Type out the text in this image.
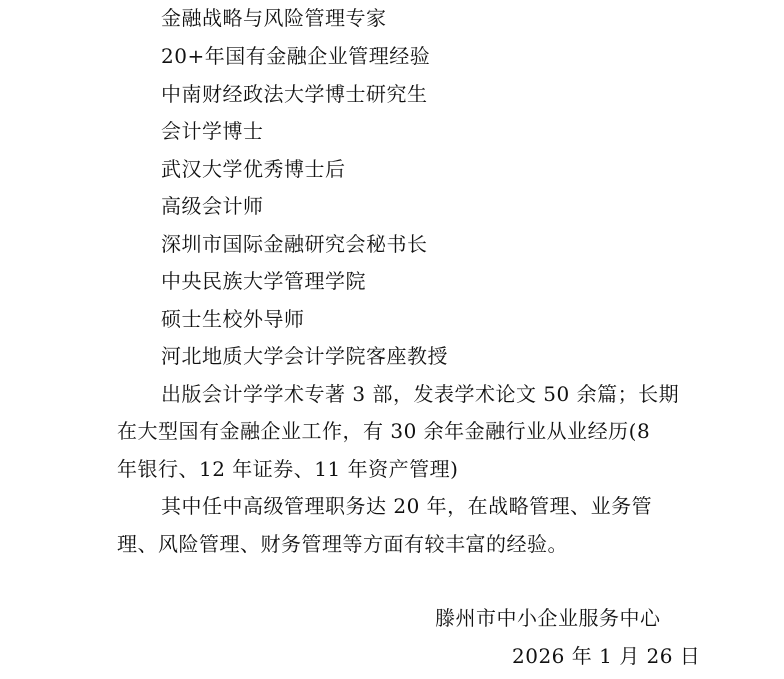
金融战略与风险管理专家
20+年国有金融企业管理经验
中南财经政法大学博士研究生
会计学博士
武汉大学优秀博士后
高级会计师
深圳市国际金融研究会秘书长
中央民族大学管理学院
硕士生校外导师
河北地质大学会计学院客座教授
出版会计学学术专著 3 部，发表学术论文 50 余篇；长期
在大型国有金融企业工作，有 30 余年金融行业从业经历(8
年银行、12 年证券、11 年资产管理)
其中任中高级管理职务达 20 年，在战略管理、业务管
理、风险管理、财务管理等方面有较丰富的经验。
滕州市中小企业服务中心
2026 年 1 月 26 日
